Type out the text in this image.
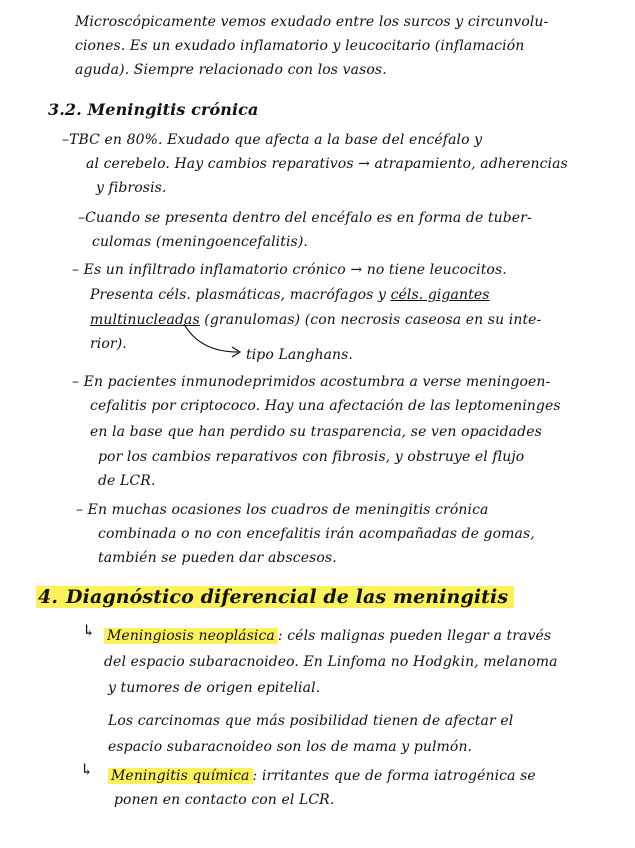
Microscópicamente vemos exudado entre los surcos y circunvolu-
ciones. Es un exudado inflamatorio y leucocitario (inflamación
aguda). Siempre relacionado con los vasos.
3.2. Meningitis crónica
–TBC en 80%. Exudado que afecta a la base del encéfalo y
al cerebelo. Hay cambios reparativos → atrapamiento, adherencias
y fibrosis.
–Cuando se presenta dentro del encéfalo es en forma de tuber-
culomas (meningoencefalitis).
– Es un infiltrado inflamatorio crónico → no tiene leucocitos.
Presenta céls. plasmáticas, macrófagos y céls. gigantes
multinucleadas (granulomas) (con necrosis caseosa en su inte-
rior).
tipo Langhans.
– En pacientes inmunodeprimidos acostumbra a verse meningoen-
cefalitis por criptococo. Hay una afectación de las leptomeninges
en la base que han perdido su trasparencia, se ven opacidades
por los cambios reparativos con fibrosis, y obstruye el flujo
de LCR.
– En muchas ocasiones los cuadros de meningitis crónica
combinada o no con encefalitis irán acompañadas de gomas,
también se pueden dar abscesos.
4. Diagnóstico diferencial de las meningitis
↳ Meningiosis neoplásica : céls malignas pueden llegar a través
del espacio subaracnoideo. En Linfoma no Hodgkin, melanoma
y tumores de origen epitelial.
Los carcinomas que más posibilidad tienen de afectar el
espacio subaracnoideo son los de mama y pulmón.
↳ Meningitis química : irritantes que de forma iatrogénica se
ponen en contacto con el LCR.
